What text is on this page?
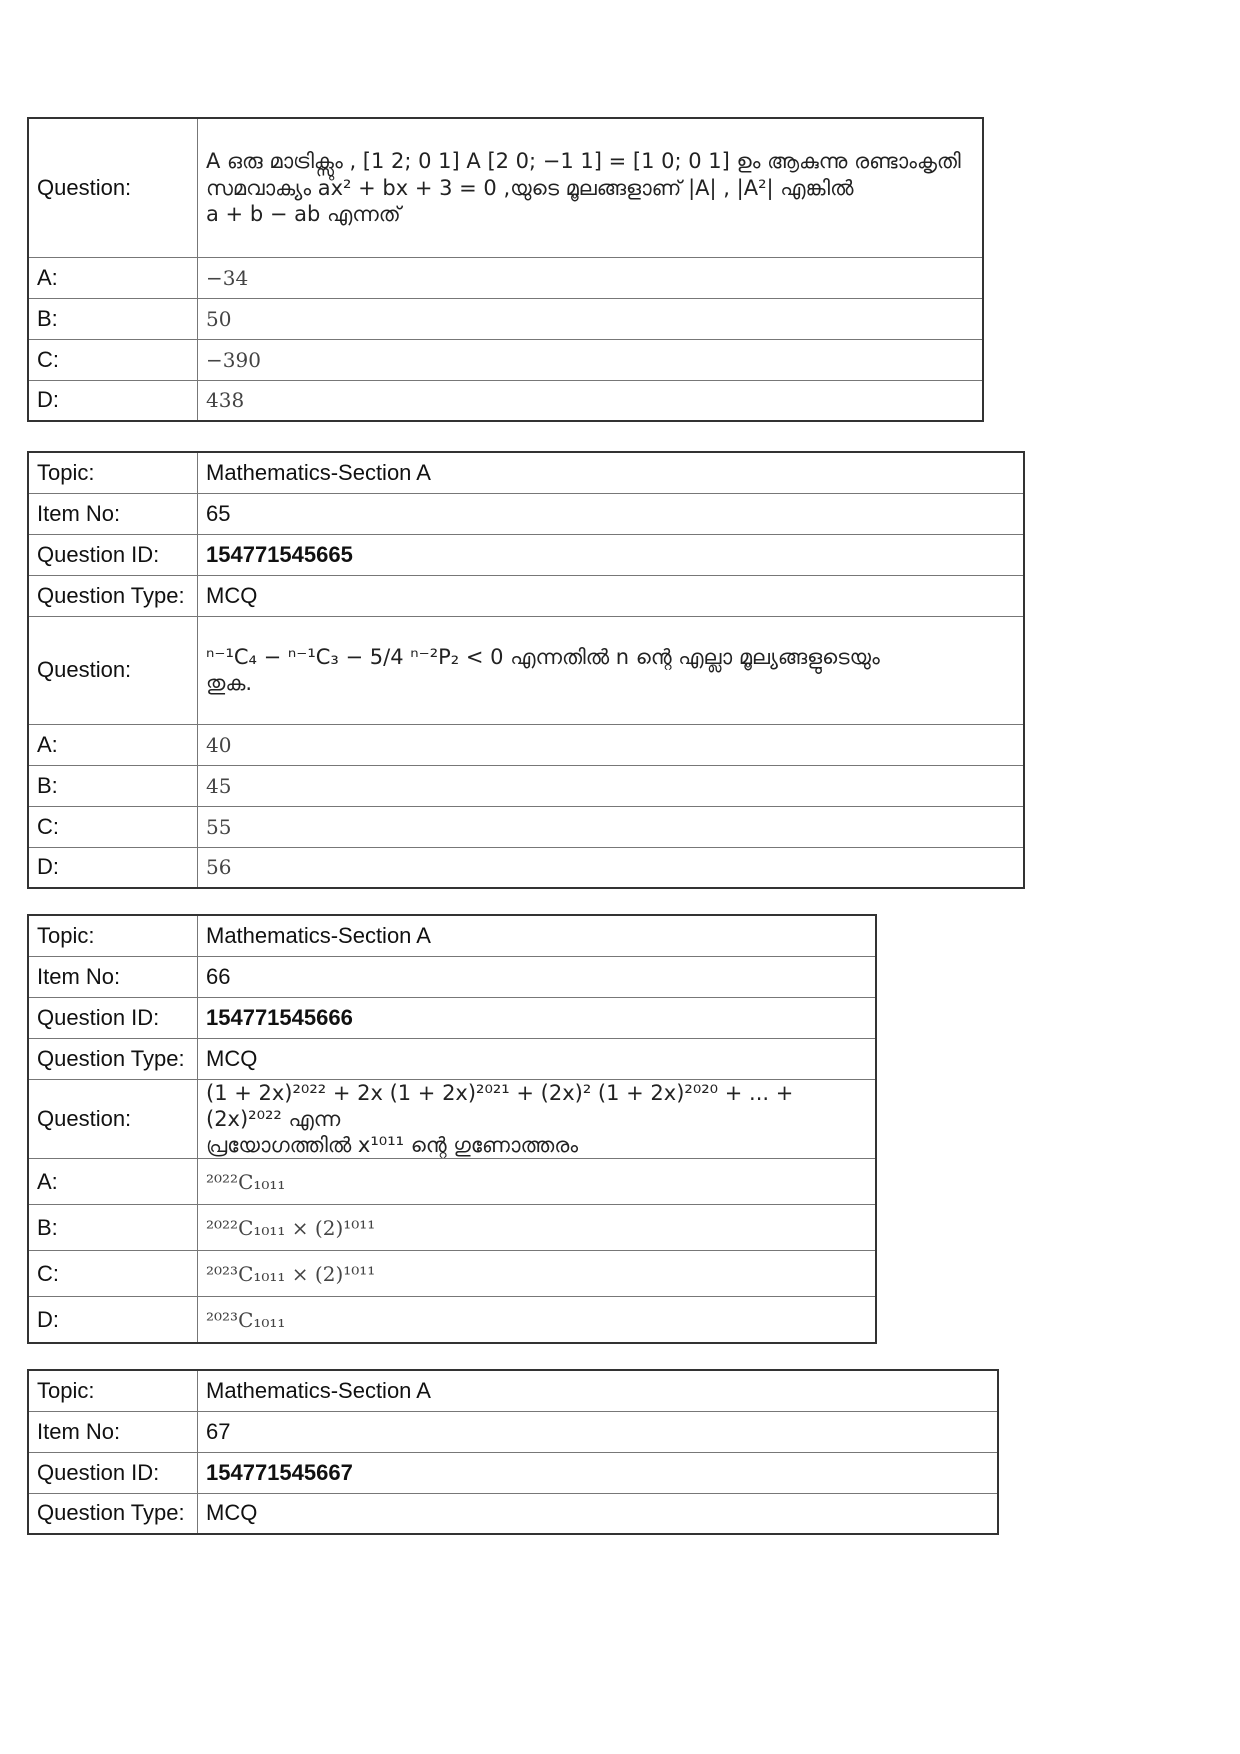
Question:	A ഒരു മാട്രിക്സും , [1 2; 0 1] A [2 0; −1 1] = [1 0; 0 1] ഉം ആകുന്നു രണ്ടാംകൃതി
സമവാക്യം ax² + bx + 3 = 0 ,യുടെ മൂലങ്ങളാണ് |A| , |A²| എങ്കിൽ
a + b − ab എന്നത്

A:	−34
B:	50
C:	−390
D:	438
Topic:	Mathematics-Section A
Item No:	65
Question ID:	154771545665
Question Type:	MCQ
Question:	ⁿ⁻¹C₄ − ⁿ⁻¹C₃ − 5/4 ⁿ⁻²P₂ < 0 എന്നതിൽ n ന്റെ എല്ലാ മൂല്യങ്ങളുടെയും
തുക.

A:	40
B:	45
C:	55
D:	56
Topic:	Mathematics-Section A
Item No:	66
Question ID:	154771545666
Question Type:	MCQ
Question:	(1 + 2x)²⁰²² + 2x (1 + 2x)²⁰²¹ + (2x)² (1 + 2x)²⁰²⁰ + ... + (2x)²⁰²² എന്ന
പ്രയോഗത്തിൽ x¹⁰¹¹ ന്റെ ഗുണോത്തരം

A:	²⁰²²C₁₀₁₁
B:	²⁰²²C₁₀₁₁ × (2)¹⁰¹¹
C:	²⁰²³C₁₀₁₁ × (2)¹⁰¹¹
D:	²⁰²³C₁₀₁₁
Topic:	Mathematics-Section A
Item No:	67
Question ID:	154771545667
Question Type:	MCQ
